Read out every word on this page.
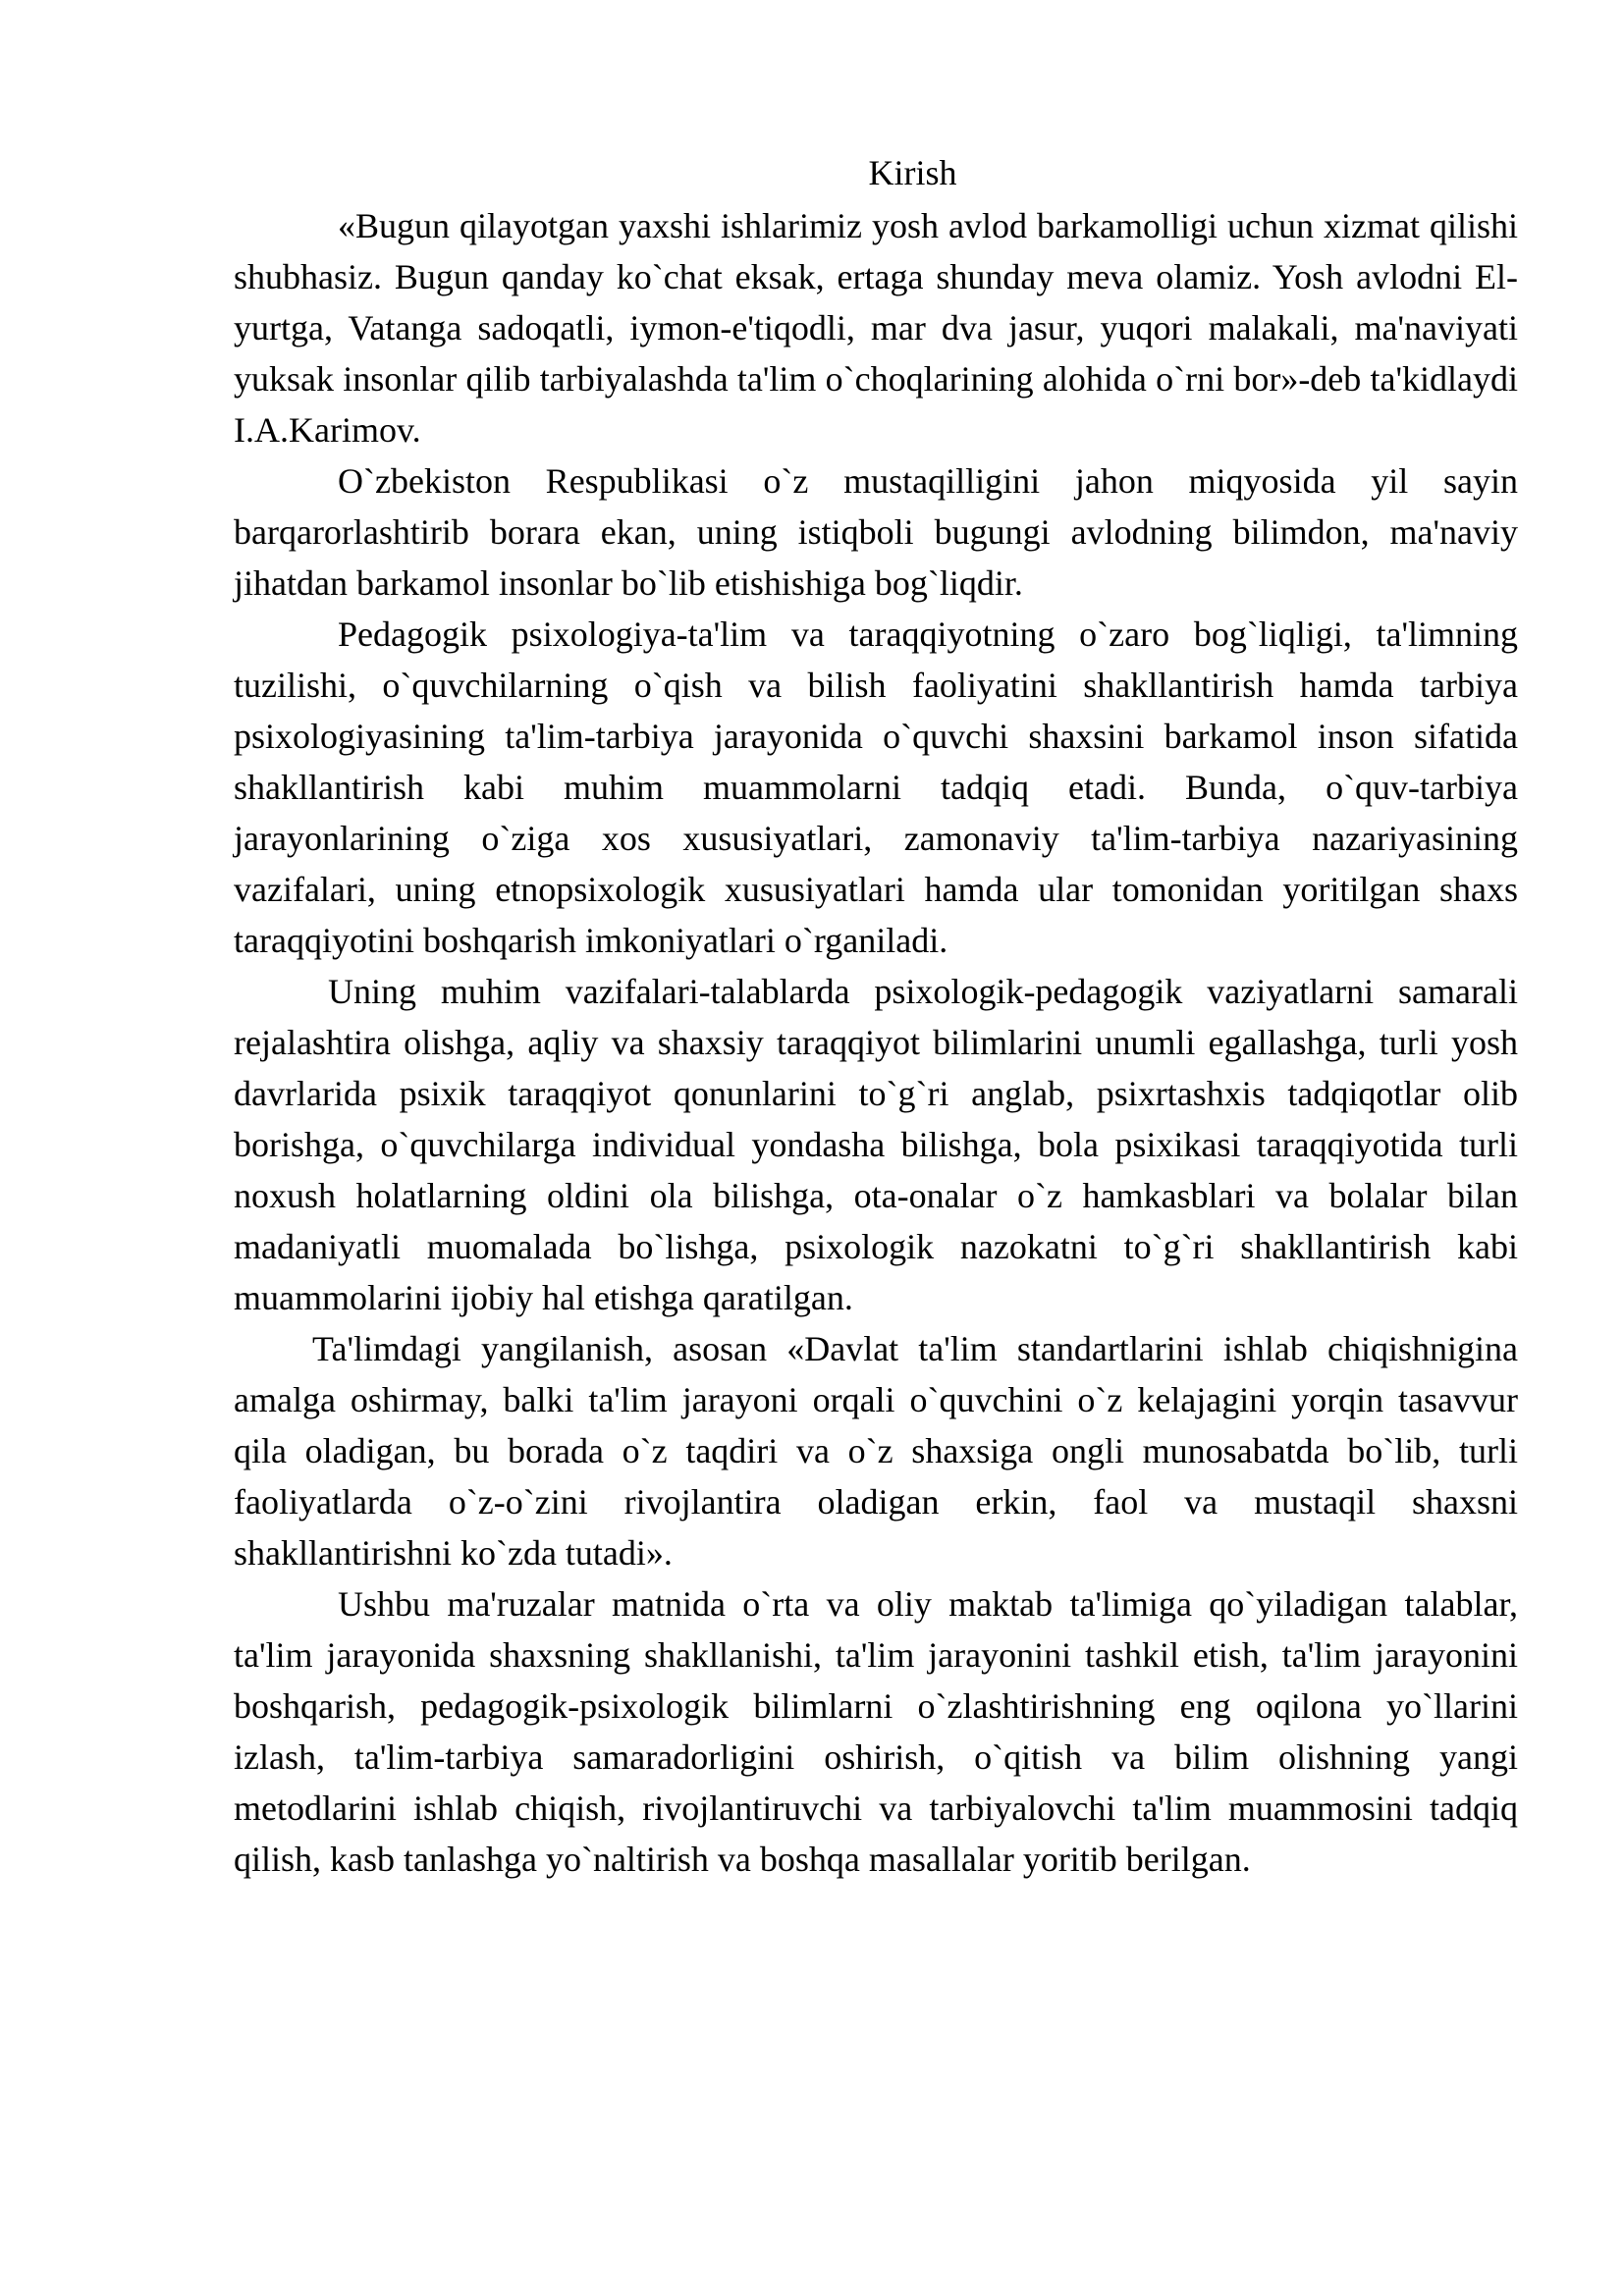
Kirish

«Bugun qilayotgan yaxshi ishlarimiz yosh avlod barkamolligi uchun xizmat qilishi shubhasiz. Bugun qanday ko`chat eksak, ertaga shunday meva olamiz. Yosh avlodni El-yurtga, Vatanga sadoqatli, iymon-e'tiqodli, mar dva jasur, yuqori malakali, ma'naviyati yuksak insonlar qilib tarbiyalashda ta'lim o`choqlarining alohida o`rni bor»-deb ta'kidlaydi I.A.Karimov.

O`zbekiston Respublikasi o`z mustaqilligini jahon miqyosida yil sayin barqarorlashtirib borara ekan, uning istiqboli bugungi avlodning bilimdon, ma'naviy jihatdan barkamol insonlar bo`lib etishishiga bog`liqdir.

Pedagogik psixologiya-ta'lim va taraqqiyotning o`zaro bog`liqligi, ta'limning tuzilishi, o`quvchilarning o`qish va bilish faoliyatini shakllantirish hamda tarbiya psixologiyasining ta'lim-tarbiya jarayonida o`quvchi shaxsini barkamol inson sifatida shakllantirish kabi muhim muammolarni tadqiq etadi. Bunda, o`quv-tarbiya jarayonlarining o`ziga xos xususiyatlari, zamonaviy ta'lim-tarbiya nazariyasining vazifalari, uning etnopsixologik xususiyatlari hamda ular tomonidan yoritilgan shaxs taraqqiyotini boshqarish imkoniyatlari o`rganiladi.

Uning muhim vazifalari-talablarda psixologik-pedagogik vaziyatlarni samarali rejalashtira olishga, aqliy va shaxsiy taraqqiyot bilimlarini unumli egallashga, turli yosh davrlarida psixik taraqqiyot qonunlarini to`g`ri anglab, psixrtashxis tadqiqotlar olib borishga, o`quvchilarga individual yondasha bilishga, bola psixikasi taraqqiyotida turli noxush holatlarning oldini ola bilishga, ota-onalar o`z hamkasblari va bolalar bilan madaniyatli muomalada bo`lishga, psixologik nazokatni to`g`ri shakllantirish kabi muammolarini ijobiy hal etishga qaratilgan.

Ta'limdagi yangilanish, asosan «Davlat ta'lim standartlarini ishlab chiqishnigina amalga oshirmay, balki ta'lim jarayoni orqali o`quvchini o`z kelajagini yorqin tasavvur qila oladigan, bu borada o`z taqdiri va o`z shaxsiga ongli munosabatda bo`lib, turli faoliyatlarda o`z-o`zini rivojlantira oladigan erkin, faol va mustaqil shaxsni shakllantirishni ko`zda tutadi».

Ushbu ma'ruzalar matnida o`rta va oliy maktab ta'limiga qo`yiladigan talablar, ta'lim jarayonida shaxsning shakllanishi, ta'lim jarayonini tashkil etish, ta'lim jarayonini boshqarish, pedagogik-psixologik bilimlarni o`zlashtirishning eng oqilona yo`llarini izlash, ta'lim-tarbiya samaradorligini oshirish, o`qitish va bilim olishning yangi metodlarini ishlab chiqish, rivojlantiruvchi va tarbiyalovchi ta'lim muammosini tadqiq qilish, kasb tanlashga yo`naltirish va boshqa masallalar yoritib berilgan.
